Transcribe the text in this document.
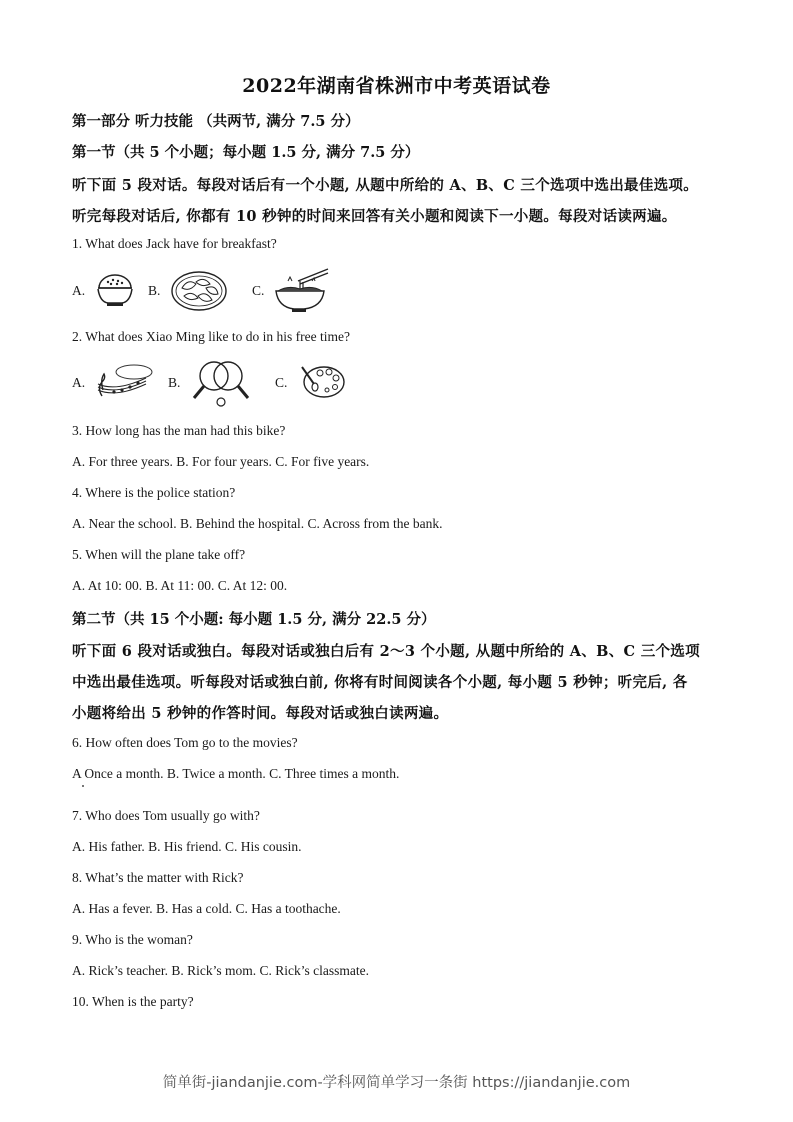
2022年湖南省株洲市中考英语试卷
第一部分 听力技能 （共两节, 满分 7.5 分）
第一节（共 5 个小题；每小题 1.5 分, 满分 7.5 分）
听下面 5 段对话。每段对话后有一个小题, 从题中所给的 A、B、C 三个选项中选出最佳选项。
听完每段对话后, 你都有 10 秒钟的时间来回答有关小题和阅读下一小题。每段对话读两遍。
1. What does Jack have for breakfast?
A.	B.	C.
2. What does Xiao Ming like to do in his free time?
A.	B.	C.
3. How long has the man had this bike?
A. For three years. B. For four years. C. For five years.
4. Where is the police station?
A. Near the school. B. Behind the hospital. C. Across from the bank.
5. When will the plane take off?
A. At 10: 00. B. At 11: 00. C. At 12: 00.
第二节（共 15 个小题: 每小题 1.5 分, 满分 22.5 分）
听下面 6 段对话或独白。每段对话或独白后有 2～3 个小题, 从题中所给的 A、B、C 三个选项
中选出最佳选项。听每段对话或独白前, 你将有时间阅读各个小题, 每小题 5 秒钟；听完后, 各
小题将给出 5 秒钟的作答时间。每段对话或独白读两遍。
6. How often does Tom go to the movies?
A Once a month. B. Twice a month. C. Three times a month.
7. Who does Tom usually go with?
A. His father. B. His friend. C. His cousin.
8. What’s the matter with Rick?
A. Has a fever. B. Has a cold. C. Has a toothache.
9. Who is the woman?
A. Rick’s teacher. B. Rick’s mom. C. Rick’s classmate.
10. When is the party?
简单街-jiandanjie.com-学科网简单学习一条街 https://jiandanjie.com
